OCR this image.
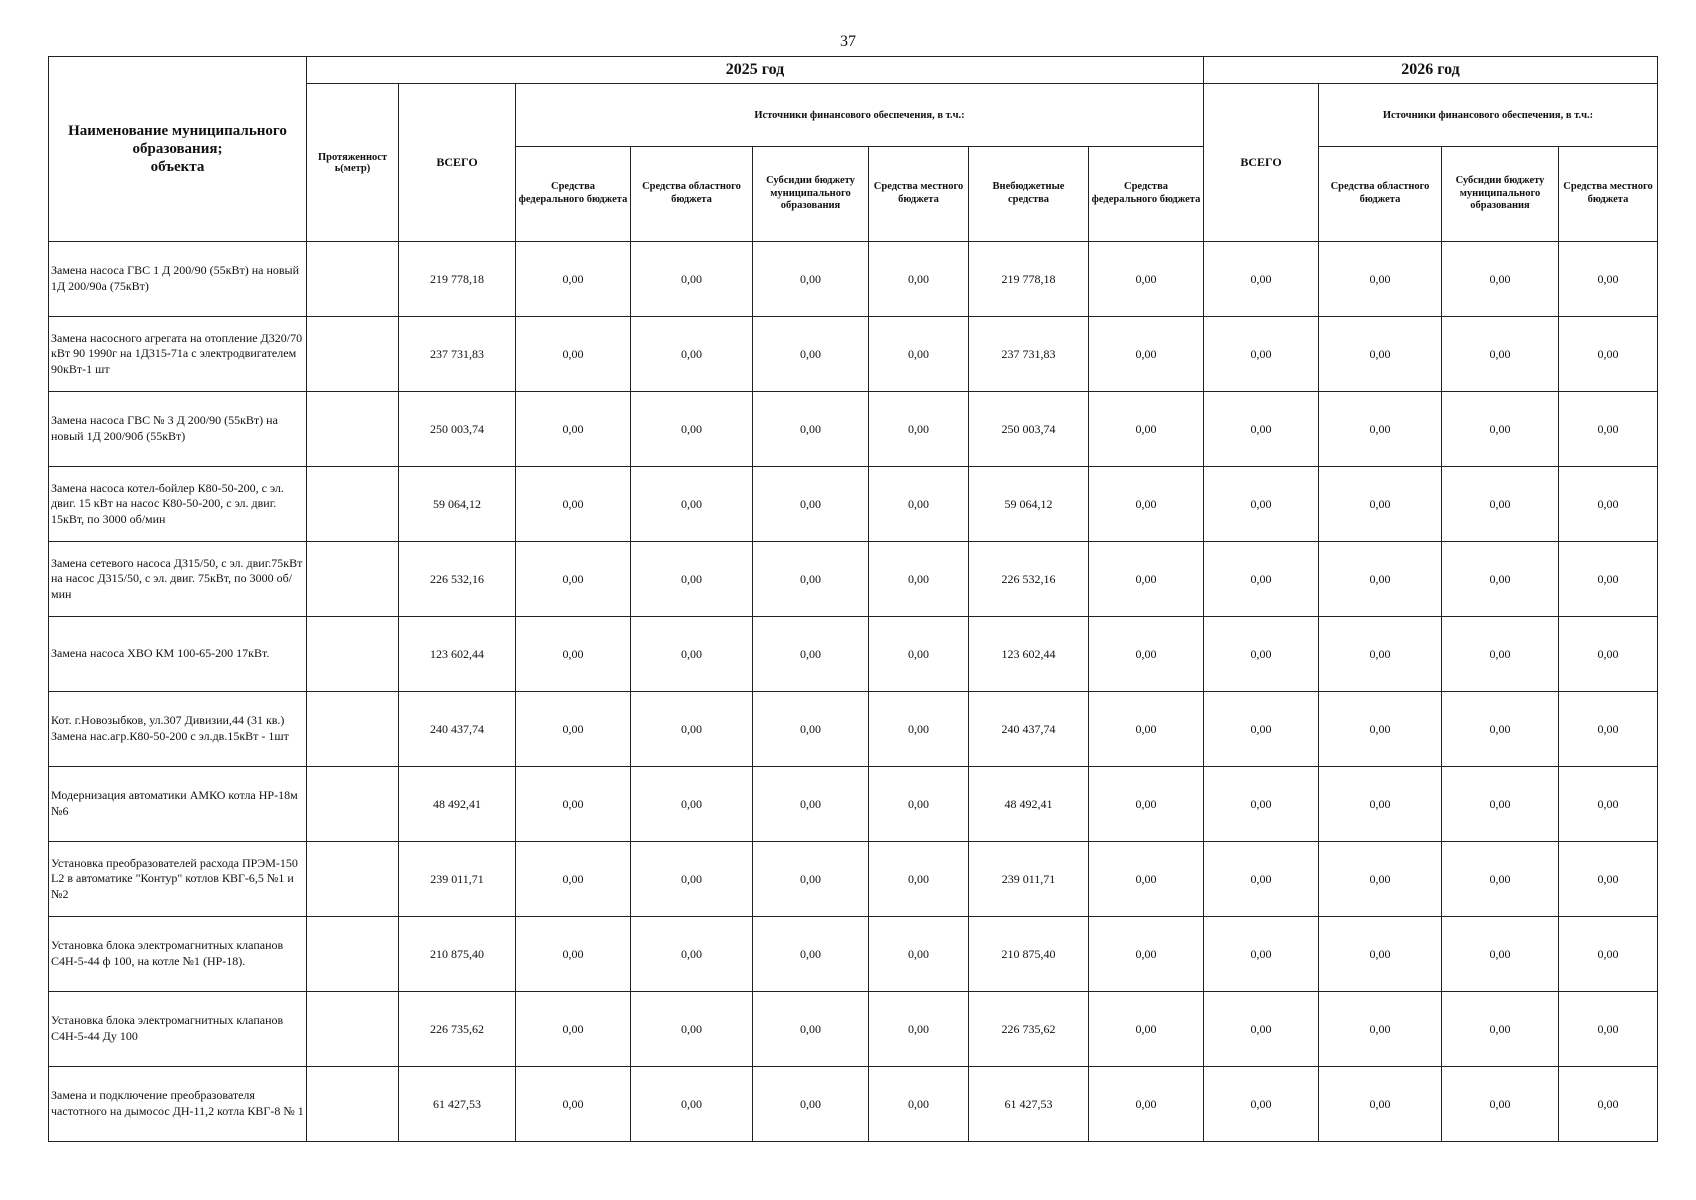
37
Наименование муниципального образования;
объекта	2025 год								2026 год			
	Протяженност ь(метр)	ВСЕГО	Источники финансового обеспечения, в т.ч.:						ВСЕГО	Источники финансового обеспечения, в т.ч.:		
			Средства федерального бюджета	Средства областного бюджета	Субсидии бюджету муниципального образования	Средства местного бюджета	Внебюджетные средства	Средства федерального бюджета		Средства областного бюджета	Субсидии бюджету муниципального образования	Средства местного бюджета
Замена насоса ГВС 1 Д 200/90 (55кВт) на новый 1Д 200/90а (75кВт)		219 778,18	0,00	0,00	0,00	0,00	219 778,18	0,00	0,00	0,00	0,00	0,00
Замена насосного агрегата на отопление Д320/70 кВт 90 1990г на 1Д315-71а с электродвигателем 90кВт-1 шт		237 731,83	0,00	0,00	0,00	0,00	237 731,83	0,00	0,00	0,00	0,00	0,00
Замена насоса ГВС № 3 Д 200/90 (55кВт) на новый 1Д 200/90б (55кВт)		250 003,74	0,00	0,00	0,00	0,00	250 003,74	0,00	0,00	0,00	0,00	0,00
Замена насоса котел-бойлер К80-50-200, с эл. двиг. 15 кВт на насос К80-50-200, с эл. двиг. 15кВт, по 3000 об/мин		59 064,12	0,00	0,00	0,00	0,00	59 064,12	0,00	0,00	0,00	0,00	0,00
Замена сетевого насоса Д315/50, с эл. двиг.75кВт на насос Д315/50, с эл. двиг. 75кВт, по 3000 об/мин		226 532,16	0,00	0,00	0,00	0,00	226 532,16	0,00	0,00	0,00	0,00	0,00
Замена насоса ХВО КМ 100-65-200 17кВт.		123 602,44	0,00	0,00	0,00	0,00	123 602,44	0,00	0,00	0,00	0,00	0,00
Кот. г.Новозыбков, ул.307 Дивизии,44 (31 кв.) Замена нас.агр.К80-50-200 с эл.дв.15кВт - 1шт		240 437,74	0,00	0,00	0,00	0,00	240 437,74	0,00	0,00	0,00	0,00	0,00
Модернизация автоматики АМКО котла НР-18м №6		48 492,41	0,00	0,00	0,00	0,00	48 492,41	0,00	0,00	0,00	0,00	0,00
Установка преобразователей расхода ПРЭМ-150 L2 в автоматике "Контур" котлов КВГ-6,5 №1 и №2		239 011,71	0,00	0,00	0,00	0,00	239 011,71	0,00	0,00	0,00	0,00	0,00
Установка блока электромагнитных клапанов С4Н-5-44 ф 100, на котле №1 (НР-18).		210 875,40	0,00	0,00	0,00	0,00	210 875,40	0,00	0,00	0,00	0,00	0,00
Установка блока электромагнитных клапанов С4Н-5-44 Ду 100		226 735,62	0,00	0,00	0,00	0,00	226 735,62	0,00	0,00	0,00	0,00	0,00
Замена и подключение преобразователя частотного на дымосос ДН-11,2 котла КВГ-8 № 1		61 427,53	0,00	0,00	0,00	0,00	61 427,53	0,00	0,00	0,00	0,00	0,00
